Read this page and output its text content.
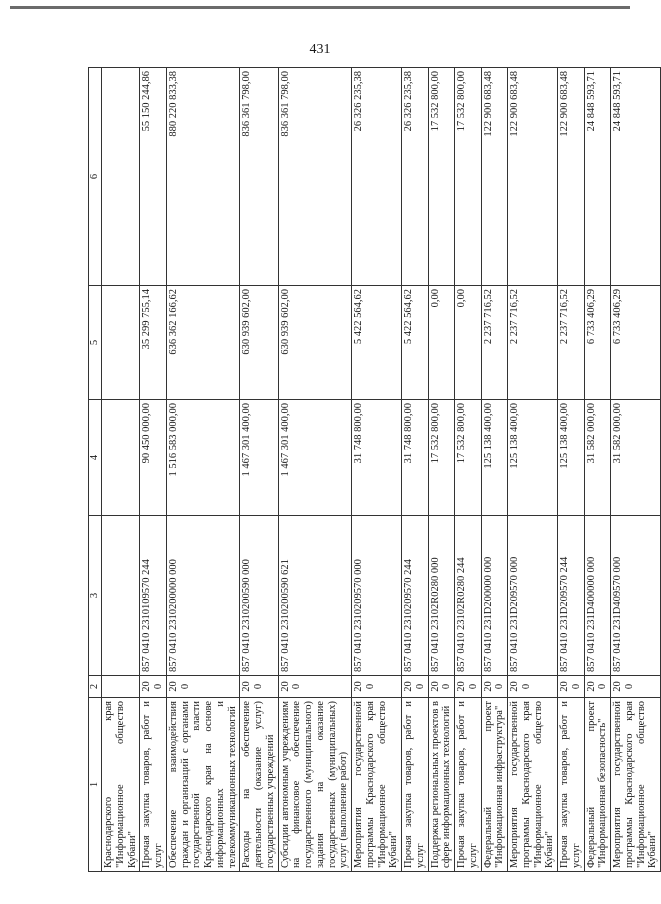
431
1	2	3	4	5	6
Краснодарского края "Информационное общество Кубани"					
Прочая закупка товаров, работ и услуг	200	857 0410 2310109570 244	90 450 000,00	35 299 755,14	55 150 244,86
Обеспечение взаимодействия граждан и организаций с органами государственной власти Краснодарского края на основе информационных и телекоммуникационных технологий	200	857 0410 2310200000 000	1 516 583 000,00	636 362 166,62	880 220 833,38
Расходы на обеспечение деятельности (оказание услуг) государственных учреждений	200	857 0410 2310200590 000	1 467 301 400,00	630 939 602,00	836 361 798,00
Субсидии автономным учреждениям на финансовое обеспечение государственного (муниципального) задания на оказание государственных (муниципальных) услуг (выполнение работ)	200	857 0410 2310200590 621	1 467 301 400,00	630 939 602,00	836 361 798,00
Мероприятия государственной программы Краснодарского края "Информационное общество Кубани"	200	857 0410 2310209570 000	31 748 800,00	5 422 564,62	26 326 235,38
Прочая закупка товаров, работ и услуг	200	857 0410 2310209570 244	31 748 800,00	5 422 564,62	26 326 235,38
Поддержка региональных проектов в сфере информационных технологий	200	857 0410 23102R0280 000	17 532 800,00	0,00	17 532 800,00
Прочая закупка товаров, работ и услуг	200	857 0410 23102R0280 244	17 532 800,00	0,00	17 532 800,00
Федеральный проект "Информационная инфраструктура"	200	857 0410 231D200000 000	125 138 400,00	2 237 716,52	122 900 683,48
Мероприятия государственной программы Краснодарского края "Информационное общество Кубани"	200	857 0410 231D209570 000	125 138 400,00	2 237 716,52	122 900 683,48
Прочая закупка товаров, работ и услуг	200	857 0410 231D209570 244	125 138 400,00	2 237 716,52	122 900 683,48
Федеральный проект "Информационная безопасность"	200	857 0410 231D400000 000	31 582 000,00	6 733 406,29	24 848 593,71
Мероприятия государственной программы Краснодарского края "Информационное общество Кубани"	200	857 0410 231D409570 000	31 582 000,00	6 733 406,29	24 848 593,71
